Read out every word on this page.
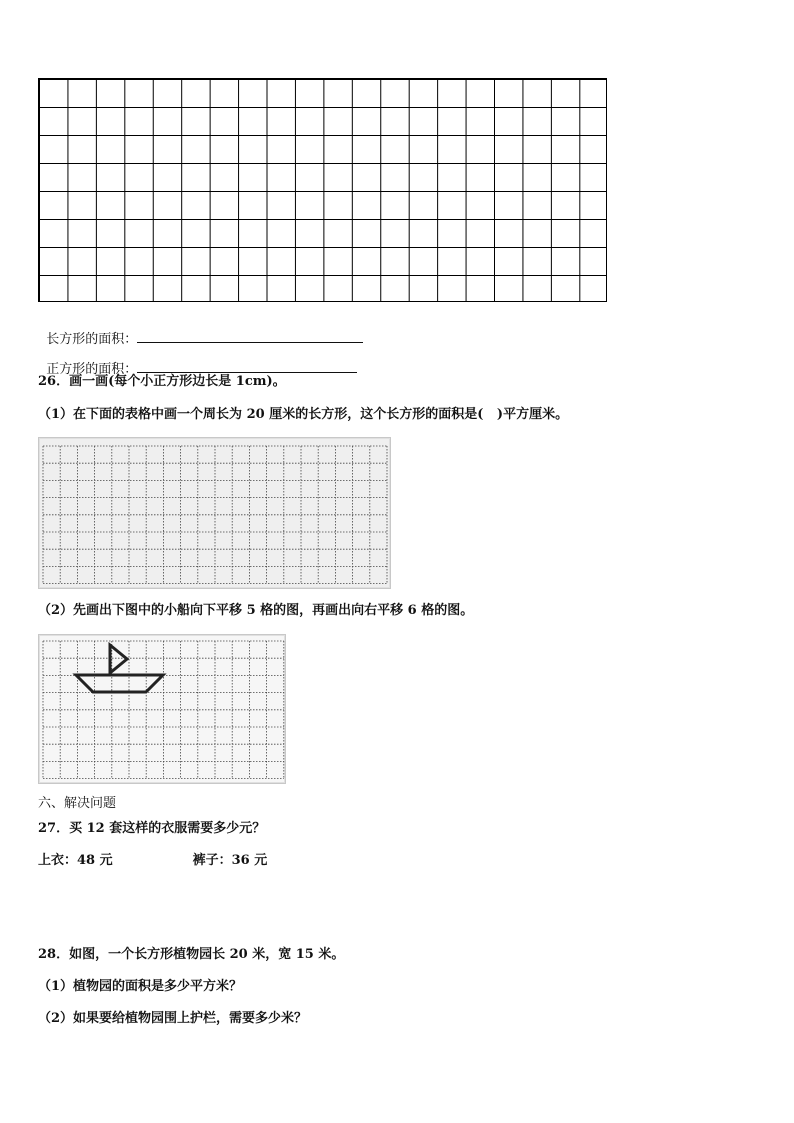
长方形的面积：

正方形的面积：

26．画一画(每个小正方形边长是 1cm)。
（1）在下面的表格中画一个周长为 20 厘米的长方形，这个长方形的面积是(   )平方厘米。
（2）先画出下图中的小船向下平移 5 格的图，再画出向右平移 6 格的图。
六、解决问题
27．买 12 套这样的衣服需要多少元？
上衣：48 元	裤子：36 元
28．如图，一个长方形植物园长 20 米，宽 15 米。
（1）植物园的面积是多少平方米？
（2）如果要给植物园围上护栏，需要多少米？
